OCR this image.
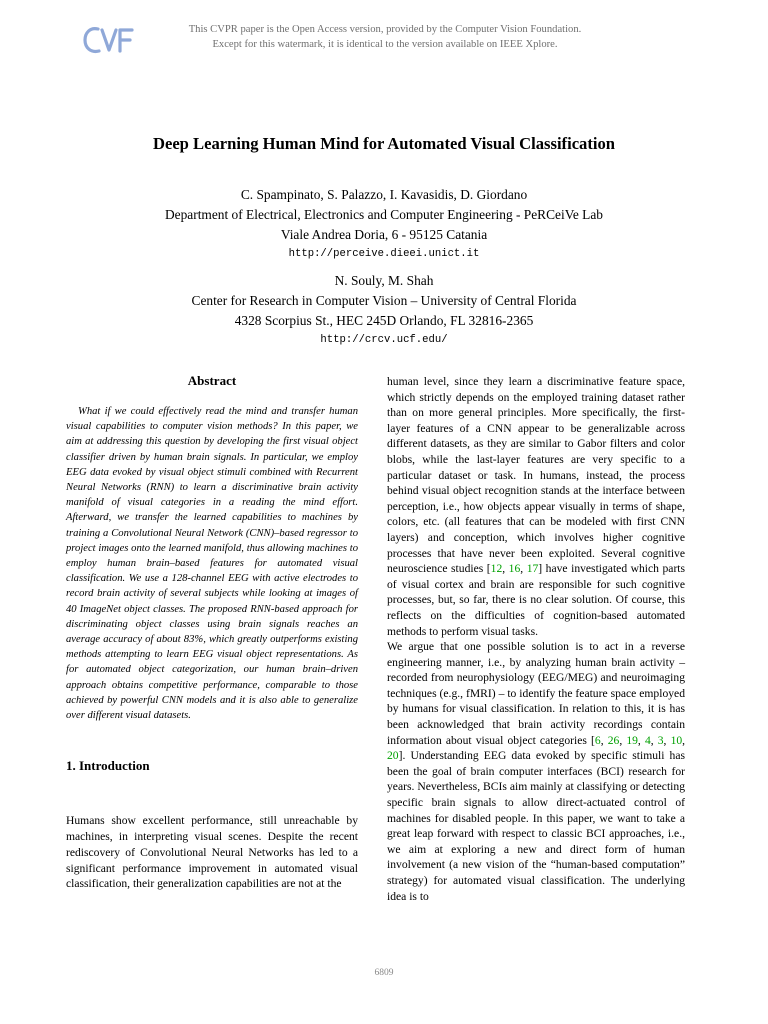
This CVPR paper is the Open Access version, provided by the Computer Vision Foundation.
Except for this watermark, it is identical to the version available on IEEE Xplore.
Deep Learning Human Mind for Automated Visual Classification
C. Spampinato, S. Palazzo, I. Kavasidis, D. Giordano
Department of Electrical, Electronics and Computer Engineering - PeRCeiVe Lab
Viale Andrea Doria, 6 - 95125 Catania
http://perceive.dieei.unict.it
N. Souly, M. Shah
Center for Research in Computer Vision – University of Central Florida
4328 Scorpius St., HEC 245D Orlando, FL 32816-2365
http://crcv.ucf.edu/
Abstract

What if we could effectively read the mind and transfer human visual capabilities to computer vision methods? In this paper, we aim at addressing this question by developing the first visual object classifier driven by human brain signals. In particular, we employ EEG data evoked by visual object stimuli combined with Recurrent Neural Networks (RNN) to learn a discriminative brain activity manifold of visual categories in a reading the mind effort. Afterward, we transfer the learned capabilities to machines by training a Convolutional Neural Network (CNN)–based regressor to project images onto the learned manifold, thus allowing machines to employ human brain–based features for automated visual classification. We use a 128-channel EEG with active electrodes to record brain activity of several subjects while looking at images of 40 ImageNet object classes. The proposed RNN-based approach for discriminating object classes using brain signals reaches an average accuracy of about 83%, which greatly outperforms existing methods attempting to learn EEG visual object representations. As for automated object categorization, our human brain–driven approach obtains competitive performance, comparable to those achieved by powerful CNN models and it is also able to generalize over different visual datasets.

1. Introduction

Humans show excellent performance, still unreachable by machines, in interpreting visual scenes. Despite the recent rediscovery of Convolutional Neural Networks has led to a significant performance improvement in automated visual classification, their generalization capabilities are not at the

human level, since they learn a discriminative feature space, which strictly depends on the employed training dataset rather than on more general principles. More specifically, the first-layer features of a CNN appear to be generalizable across different datasets, as they are similar to Gabor filters and color blobs, while the last-layer features are very specific to a particular dataset or task. In humans, instead, the process behind visual object recognition stands at the interface between perception, i.e., how objects appear visually in terms of shape, colors, etc. (all features that can be modeled with first CNN layers) and conception, which involves higher cognitive processes that have never been exploited. Several cognitive neuroscience studies [12, 16, 17] have investigated which parts of visual cortex and brain are responsible for such cognitive processes, but, so far, there is no clear solution. Of course, this reflects on the difficulties of cognition-based automated methods to perform visual tasks.

We argue that one possible solution is to act in a reverse engineering manner, i.e., by analyzing human brain activity – recorded from neurophysiology (EEG/MEG) and neuroimaging techniques (e.g., fMRI) – to identify the feature space employed by humans for visual classification. In relation to this, it is has been acknowledged that brain activity recordings contain information about visual object categories [6, 26, 19, 4, 3, 10, 20]. Understanding EEG data evoked by specific stimuli has been the goal of brain computer interfaces (BCI) research for years. Nevertheless, BCIs aim mainly at classifying or detecting specific brain signals to allow direct-actuated control of machines for disabled people. In this paper, we want to take a great leap forward with respect to classic BCI approaches, i.e., we aim at exploring a new and direct form of human involvement (a new vision of the “human-based computation” strategy) for automated visual classification. The underlying idea is to

6809
